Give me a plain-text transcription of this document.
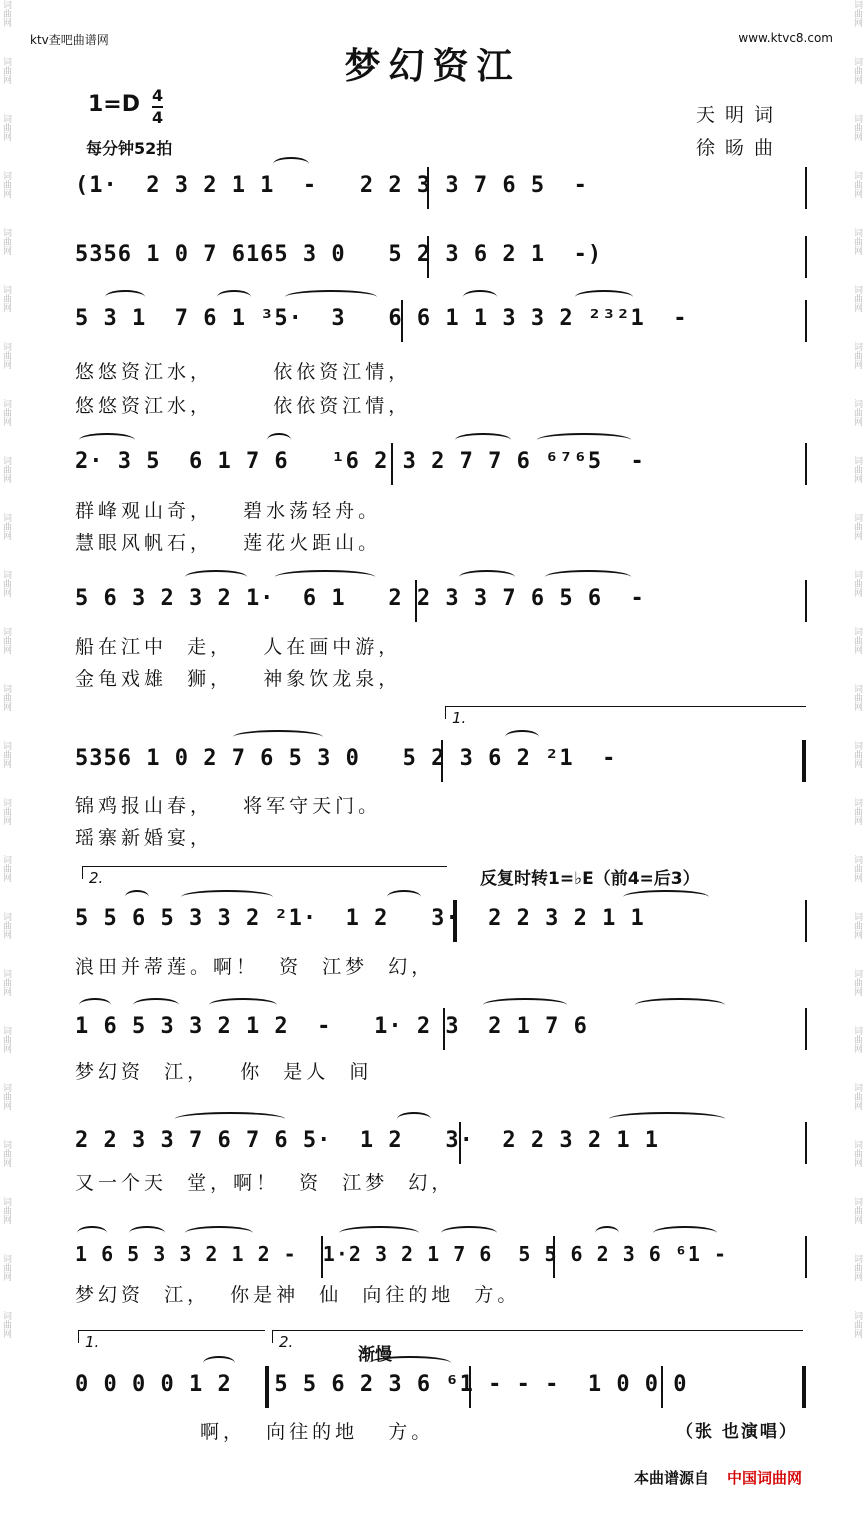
词曲网
词曲网
词曲网
词曲网
词曲网
词曲网
词曲网
词曲网
词曲网
词曲网
词曲网
词曲网
词曲网
词曲网
词曲网
词曲网
词曲网
词曲网
词曲网
词曲网
词曲网
词曲网
词曲网
词曲网
词曲网
词曲网
词曲网
词曲网
词曲网
词曲网
词曲网
词曲网
词曲网
词曲网
词曲网
词曲网
词曲网
词曲网
词曲网
词曲网
词曲网
词曲网
词曲网
词曲网
词曲网
词曲网
词曲网
词曲网
ktv查吧曲谱网	www.ktvc8.com
梦幻资江
$1=D \frac{4}{4}$
每分钟52拍
天明词
徐旸曲
(1·  2 3 2 1 1  -   2 2 3 3 7 6 5  -
5356 1 0 7 6165 3 0   5 2 3 6 2 1  -)
5 3 1  7 6 1 ³5·  3   6 6 1 1 3 3 2 ²³²1  -
悠悠资江水，      依依资江情，
悠悠资江水，      依依资江情，
2· 3 5  6 1 7 6   ¹6 2 3 2 7 7 6 ⁶⁷⁶5  -
群峰观山奇，   碧水荡轻舟。
慧眼风帆石，   莲花火距山。
5 6 3 2 3 2 1·  6 1   2 2 3 3 7 6 5 6  -
船在江中  走，   人在画中游，
金龟戏雄  狮，   神象饮龙泉，
1.
5356 1 0 2 7 6 5 3 0   5 2 3 6 2 ²1  -
锦鸡报山春，   将军守天门。
瑶寨新婚宴，
2.	反复时转1=♭E（前4=后3）
5 5 6 5 3 3 2 ²1·  1 2   3·  2 2 3 2 1 1
浪田并蒂莲。啊！  资  江梦  幻，
1 6 5 3 3 2 1 2  -   1· 2 3  2 1 7 6
梦幻资  江，   你  是人  间
2 2 3 3 7 6 7 6 5·  1 2   3·  2 2 3 2 1 1
又一个天  堂，啊！  资  江梦  幻，
1 6 5 3 3 2 1 2 -  1·2 3 2 1 7 6  5 5 6 2 3 6 ⁶1 -
梦幻资  江，  你是神  仙  向往的地  方。
1.	2.
渐慢
0 0 0 0 1 2   5 5 6 2 3 6 ⁶1 - - -  1 0 0 0
啊，  向往的地   方。	（张 也演唱）
本曲谱源自 中国词曲网
